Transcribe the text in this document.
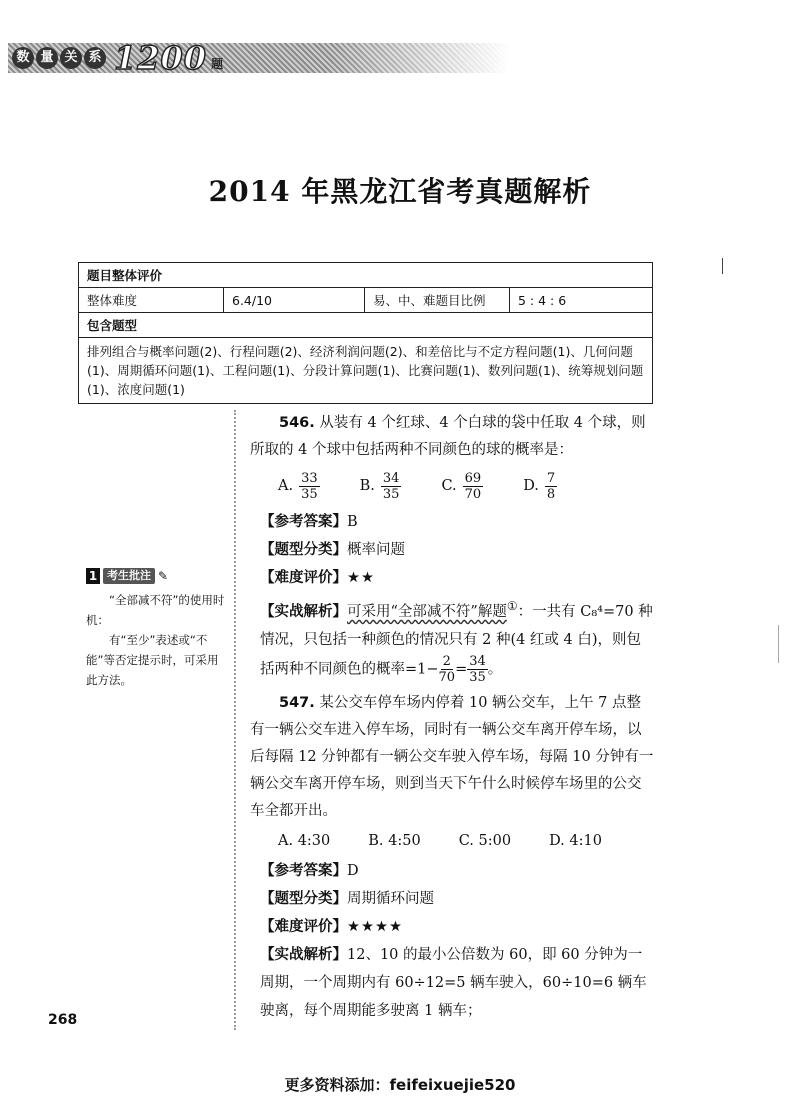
数 量 关 系 1200 题
2014 年黑龙江省考真题解析
题目整体评价
整体难度	6.4/10	易、中、难题目比例	5 : 4 : 6
包含题型
排列组合与概率问题(2)、行程问题(2)、经济利润问题(2)、和差倍比与不定方程问题(1)、几何问题(1)、周期循环问题(1)、工程问题(1)、分段计算问题(1)、比赛问题(1)、数列问题(1)、统筹规划问题(1)、浓度问题(1)
1 考生批注 ✎

“全部减不符”的使用时机：

有“至少”表述或“不能”等否定提示时，可采用此方法。

546. 从装有 4 个红球、4 个白球的袋中任取 4 个球，则所取的 4 个球中包括两种不同颜色的球的概率是：

A. $\frac{33}{35}$	B. $\frac{34}{35}$	C. $\frac{69}{70}$	D. $\frac{7}{8}$
【参考答案】B
【题型分类】概率问题
【难度评价】★★
【实战解析】可采用“全部减不符”解题①：一共有 C₈⁴=70 种情况，只包括一种颜色的情况只有 2 种(4 红或 4 白)，则包括两种不同颜色的概率$=1- \frac{2}{70} = \frac{34}{35}$ 。

547. 某公交车停车场内停着 10 辆公交车，上午 7 点整有一辆公交车进入停车场，同时有一辆公交车离开停车场，以后每隔 12 分钟都有一辆公交车驶入停车场，每隔 10 分钟有一辆公交车离开停车场，则到当天下午什么时候停车场里的公交车全都开出。

A. 4:30	B. 4:50	C. 5:00	D. 4:10
【参考答案】D
【题型分类】周期循环问题
【难度评价】★★★★
【实战解析】12、10 的最小公倍数为 60，即 60 分钟为一周期，一个周期内有 60÷12=5 辆车驶入，60÷10=6 辆车驶离，每个周期能多驶离 1 辆车；
268
更多资料添加：feifeixuejie520
